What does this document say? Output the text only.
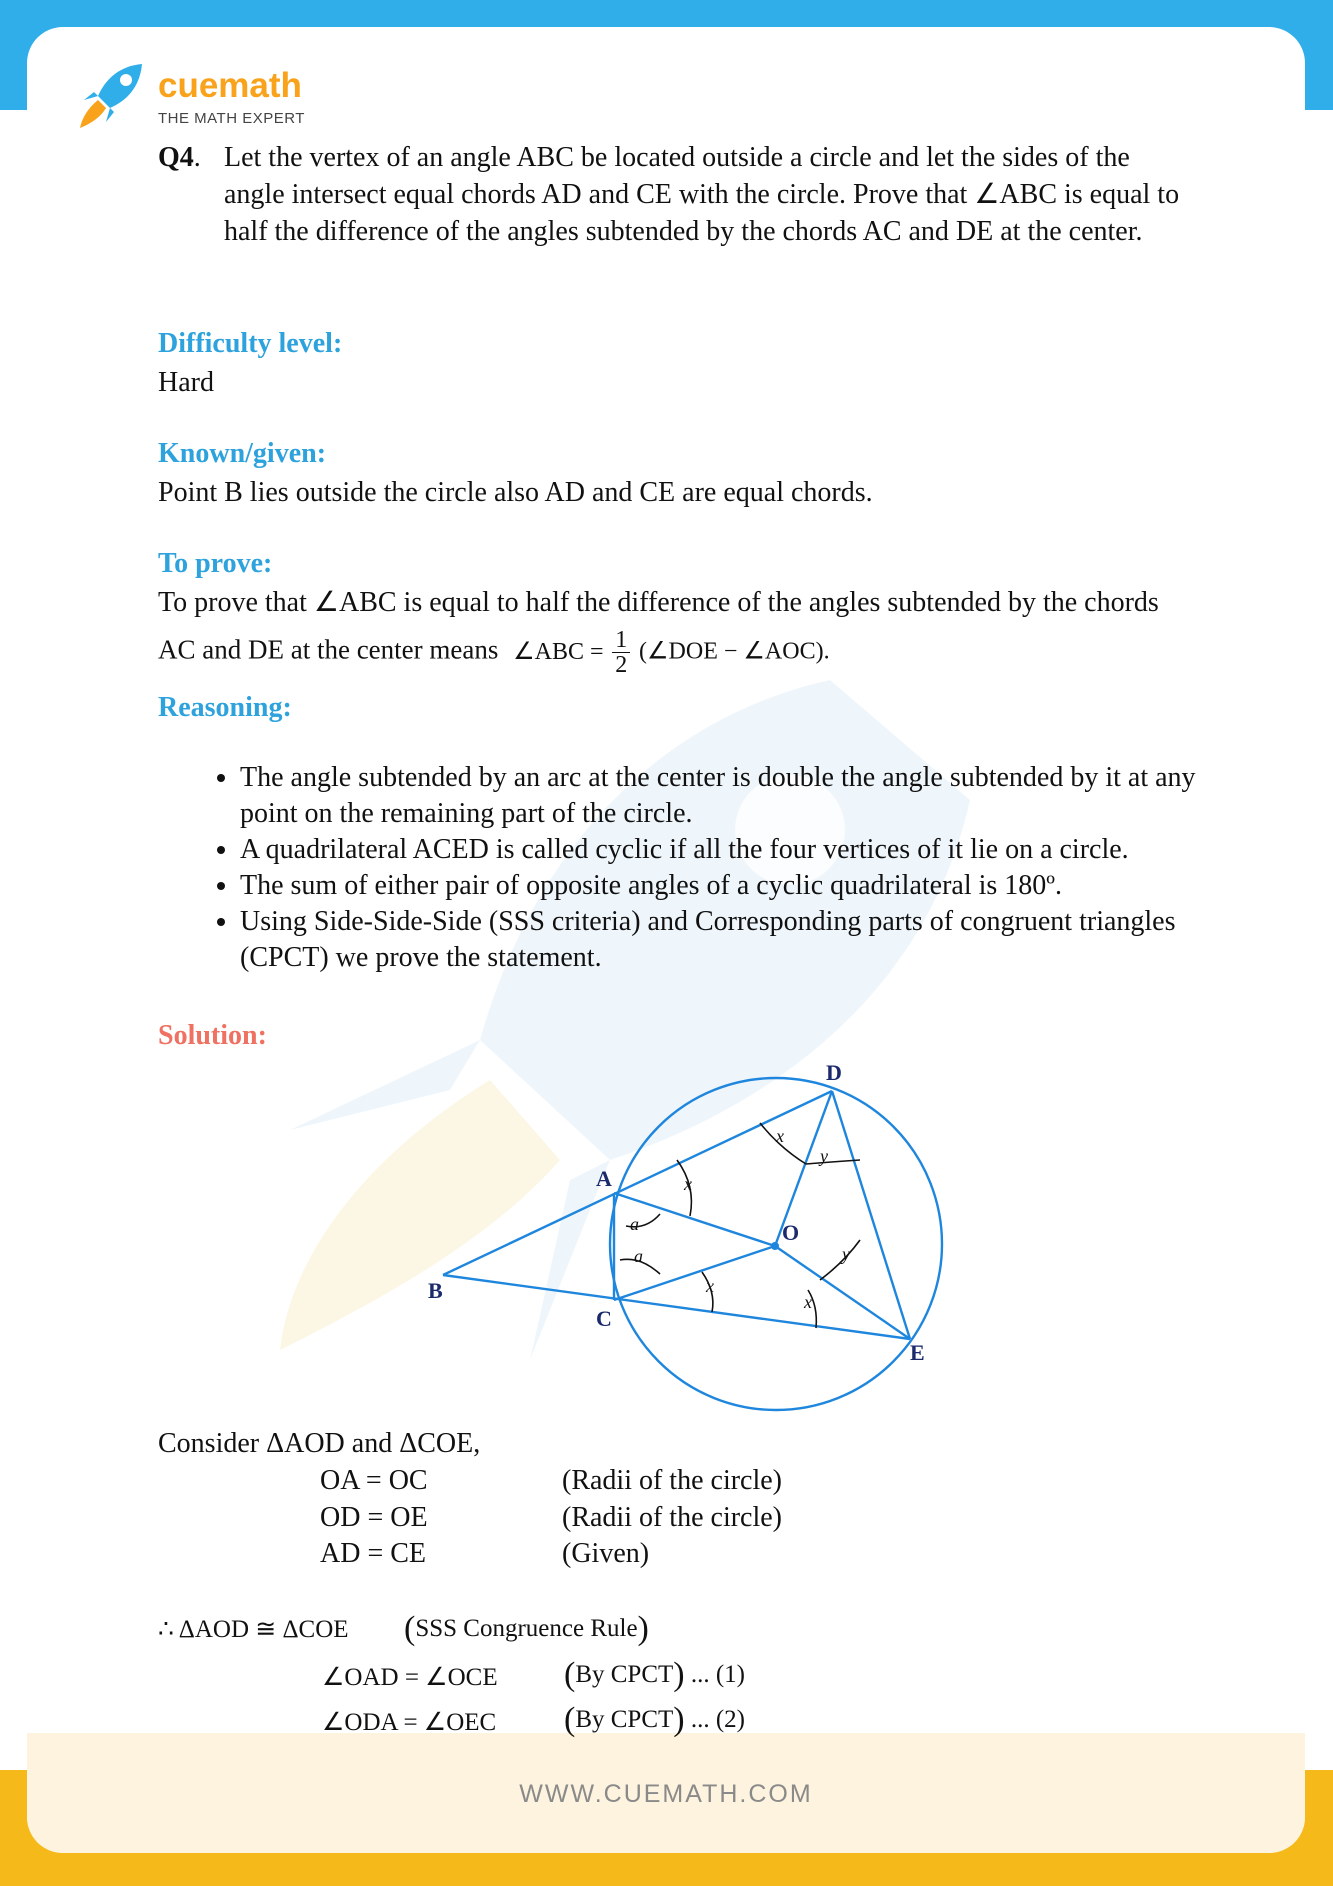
WWW.CUEMATH.COM
cuemath
THE MATH EXPERT
Q4. Let the vertex of an angle ABC be located outside a circle and let the sides of the angle intersect equal chords AD and CE with the circle. Prove that ∠ABC is equal to half the difference of the angles subtended by the chords AC and DE at the center.
Difficulty level:
Hard
Known/given:
Point B lies outside the circle also AD and CE are equal chords.
To prove:
To prove that ∠ABC is equal to half the difference of the angles subtended by the chords
AC and DE at the center means ∠ABC = $\frac{1}{2}$ (∠DOE − ∠AOC).
Reasoning:
• The angle subtended by an arc at the center is double the angle subtended by it at any point on the remaining part of the circle.
• A quadrilateral ACED is called cyclic if all the four vertices of it lie on a circle.
• The sum of either pair of opposite angles of a cyclic quadrilateral is 180º.
• Using Side-Side-Side (SSS criteria) and Corresponding parts of congruent triangles (CPCT) we prove the statement.
Solution:
D
A
O
B
C
E
x
y
x
a
a
x
y
x
Consider ΔAOD and ΔCOE,
OA = OC	(Radii of the circle)
OD = OE	(Radii of the circle)
AD = CE	(Given)
∴ ΔAOD ≅ ΔCOE (SSS Congruence Rule)
∠OAD = ∠OCE (By CPCT) ... (1)
∠ODA = ∠OEC (By CPCT) ... (2)
